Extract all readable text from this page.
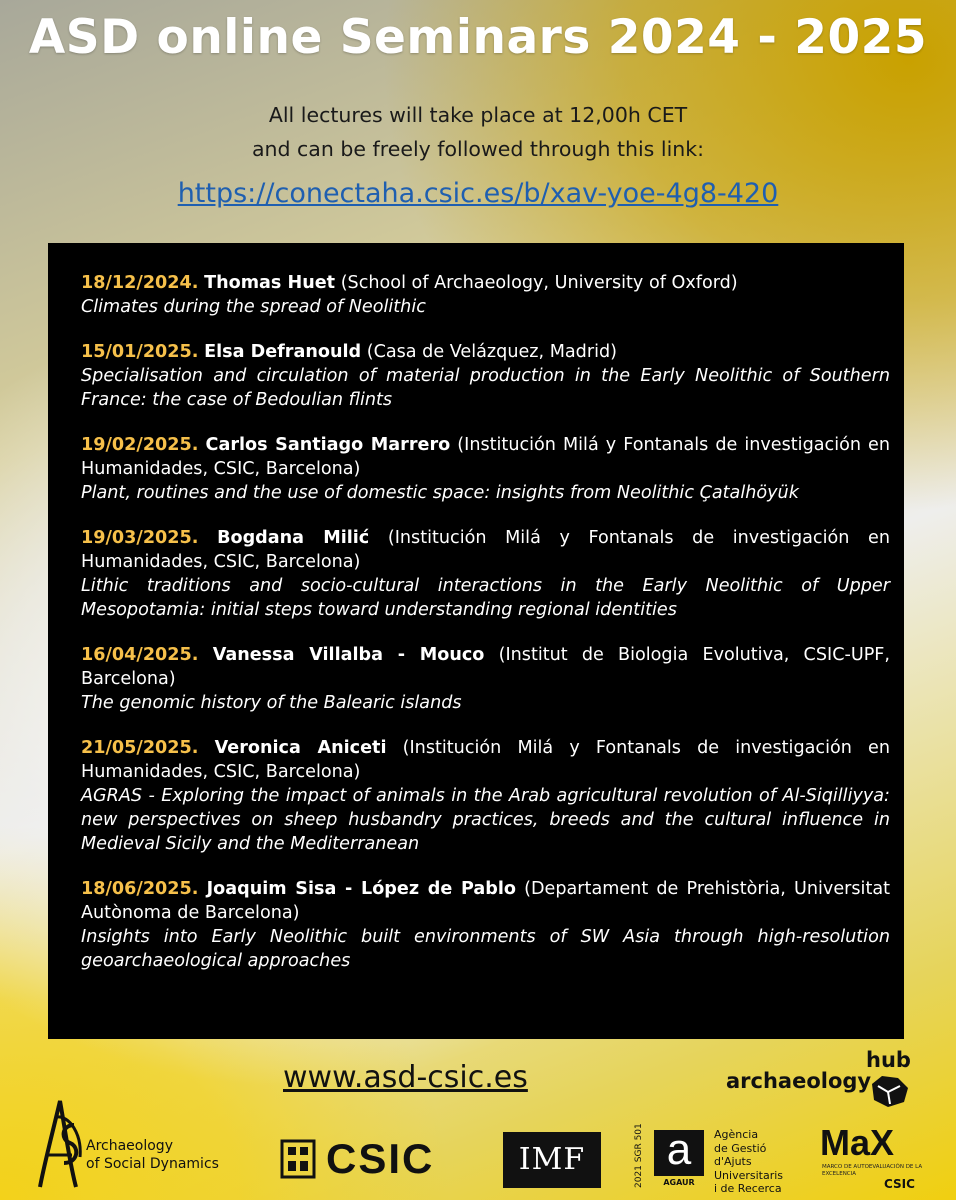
ASD online Seminars 2024 - 2025
All lectures will take place at 12,00h CET
and can be freely followed through this link:
https://conectaha.csic.es/b/xav-yoe-4g8-420
18/12/2024. Thomas Huet (School of Archaeology, University of Oxford)
Climates during the spread of Neolithic
15/01/2025. Elsa Defranould (Casa de Velázquez, Madrid)
Specialisation and circulation of material production in the Early Neolithic of Southern France: the case of Bedoulian flints
19/02/2025. Carlos Santiago Marrero (Institución Milá y Fontanals de investigación en Humanidades, CSIC, Barcelona)
Plant, routines and the use of domestic space: insights from Neolithic Çatalhöyük
19/03/2025. Bogdana Milić (Institución Milá y Fontanals de investigación en Humanidades, CSIC, Barcelona)
Lithic traditions and socio-cultural interactions in the Early Neolithic of Upper Mesopotamia: initial steps toward understanding regional identities
16/04/2025. Vanessa Villalba - Mouco (Institut de Biologia Evolutiva, CSIC-UPF, Barcelona)
The genomic history of the Balearic islands
21/05/2025. Veronica Aniceti (Institución Milá y Fontanals de investigación en Humanidades, CSIC, Barcelona)
AGRAS - Exploring the impact of animals in the Arab agricultural revolution of Al-Siqilliyya: new perspectives on sheep husbandry practices, breeds and the cultural influence in Medieval Sicily and the Mediterranean
18/06/2025. Joaquim Sisa - López de Pablo (Departament de Prehistòria, Universitat Autònoma de Barcelona)
Insights into Early Neolithic built environments of SW Asia through high-resolution geoarchaeological approaches
www.asd-csic.es	archaeology
hub
Archaeology
of Social Dynamics	CSIC	IMF	2021 SGR 501 a
AGAUR
Agència
de Gestió
d'Ajuts
Universitaris
i de Recerca
MaX
MARCO DE AUTOEVALUACIÓN DE LA EXCELENCIA
CSIC
